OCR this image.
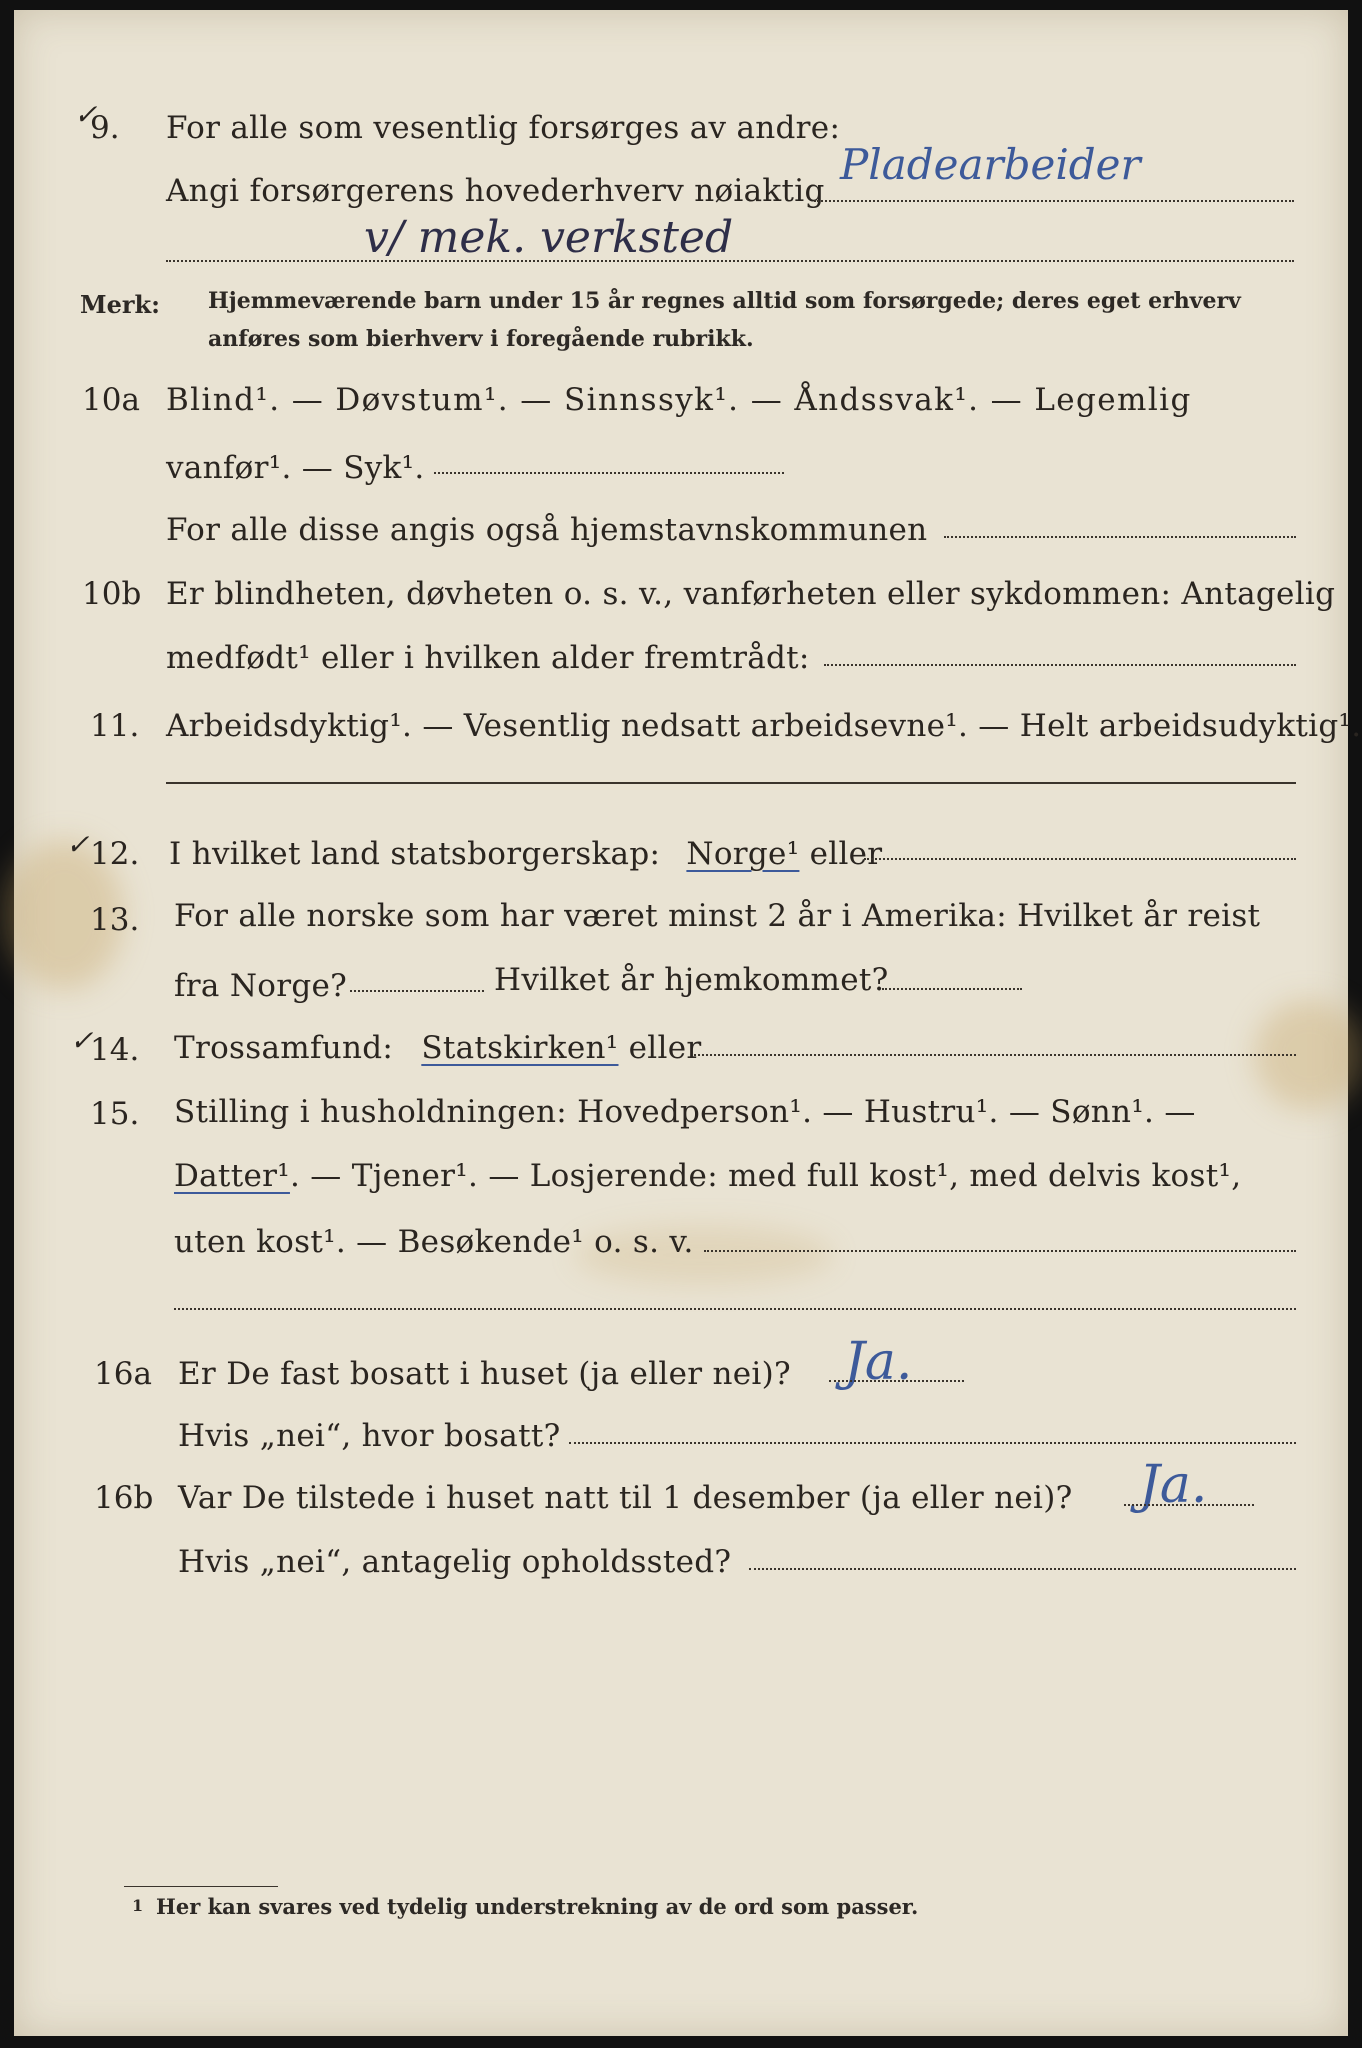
✓
9. For alle som vesentlig forsørges av andre:
Angi forsørgerens hovederhverv nøiaktig
Pladearbeider
v/ mek. verksted
Merk: Hjemmeværende barn under 15 år regnes alltid som forsørgede; deres eget erhverv
anføres som bierhverv i foregående rubrikk.
10a Blind¹. — Døvstum¹. — Sinnssyk¹. — Åndssvak¹. — Legemlig
vanfør¹. — Syk¹.
For alle disse angis også hjemstavnskommunen
10b Er blindheten, døvheten o. s. v., vanførheten eller sykdommen: Antagelig
medfødt¹ eller i hvilken alder fremtrådt:
11. Arbeidsdyktig¹. — Vesentlig nedsatt arbeidsevne¹. — Helt arbeidsudyktig¹.
✓ 12. I hvilket land statsborgerskap: Norge¹ eller
13. For alle norske som har været minst 2 år i Amerika: Hvilket år reist
fra Norge?	Hvilket år hjemkommet?
✓
14. Trossamfund: Statskirken¹ eller
15. Stilling i husholdningen: Hovedperson¹. — Hustru¹. — Sønn¹. —
Datter¹. — Tjener¹. — Losjerende: med full kost¹, med delvis kost¹,
uten kost¹. — Besøkende¹ o. s. v.
16a Er De fast bosatt i huset (ja eller nei)? Ja.
Hvis „nei“, hvor bosatt?
16b Var De tilstede i huset natt til 1 desember (ja eller nei)? Ja.
Hvis „nei“, antagelig opholdssted?
1 Her kan svares ved tydelig understrekning av de ord som passer.
